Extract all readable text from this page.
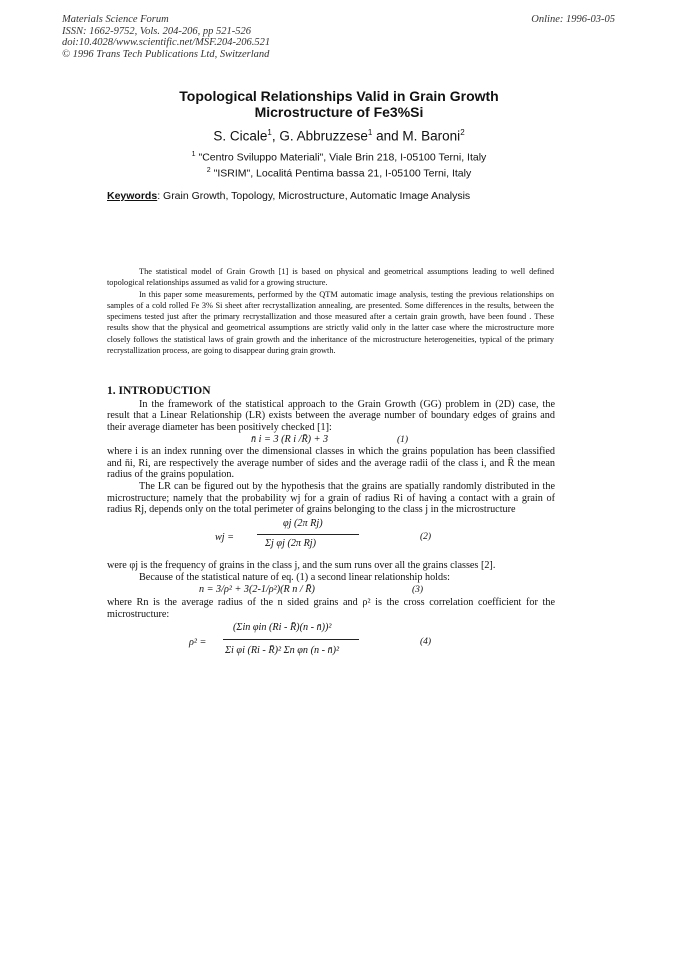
Materials Science Forum
ISSN: 1662-9752, Vols. 204-206, pp 521-526
doi:10.4028/www.scientific.net/MSF.204-206.521
© 1996 Trans Tech Publications Ltd, Switzerland
Online: 1996-03-05
Topological Relationships Valid in Grain Growth
Microstructure of Fe3%Si
S. Cicale$^1$, G. Abbruzzese$^1$ and M. Baroni$^2$
$^1$ "Centro Sviluppo Materiali", Viale Brin 218, I-05100 Terni, Italy
$^2$ "ISRIM", Localitá Pentima bassa 21, I-05100 Terni, Italy
Keywords: Grain Growth, Topology, Microstructure, Automatic Image Analysis

The statistical model of Grain Growth [1] is based on physical and geometrical assumptions leading to well defined topological relationships assumed as valid for a growing structure.

In this paper some measurements, performed by the QTM automatic image analysis, testing the previous relationships on samples of a cold rolled Fe 3% Si sheet after recrystallization annealing, are presented. Some differences in the results, between the specimens tested just after the primary recrystallization and those measured after a certain grain growth, have been found . These results show that the physical and geometrical assumptions are strictly valid only in the latter case where the microstructure more closely follows the statistical laws of grain growth and the inheritance of the microstructure heterogeneities, typical of the primary recrystallization process, are going to disappear during grain growth.

1. INTRODUCTION

In the framework of the statistical approach to the Grain Growth (GG) problem in (2D) case, the result that a Linear Relationship (LR) exists between the average number of boundary edges of grains and their average diameter has been positively checked [1]:

n̄ i = 3 (R i /R̄) + 3	(1)

where i is an index running over the dimensional classes in which the grains population has been classified and n̄i, Ri, are respectively the average number of sides and the average radii of the class i, and R̄ the mean radius of the grains population.

The LR can be figured out by the hypothesis that the grains are spatially randomly distributed in the microstructure; namely that the probability wj for a grain of radius Ri of having a contact with a grain of radius Rj, depends only on the total perimeter of grains belonging to the class j in the microstructure

wj =
φj (2π Rj)
Σj φj (2π Rj)
(2)

were φj is the frequency of grains in the class j, and the sum runs over all the grains classes [2].

Because of the statistical nature of eq. (1) a second linear relationship holds:

n = 3/ρ² + 3(2-1/ρ²)(R n / R̄)	(3)

where Rn is the average radius of the n sided grains and ρ² is the cross correlation coefficient for the microstructure:

ρ² =
(Σin φin (Ri - R̄)(n - n̄))²
Σi φi (Ri - R̄)² Σn φn (n - n̄)²
(4)
